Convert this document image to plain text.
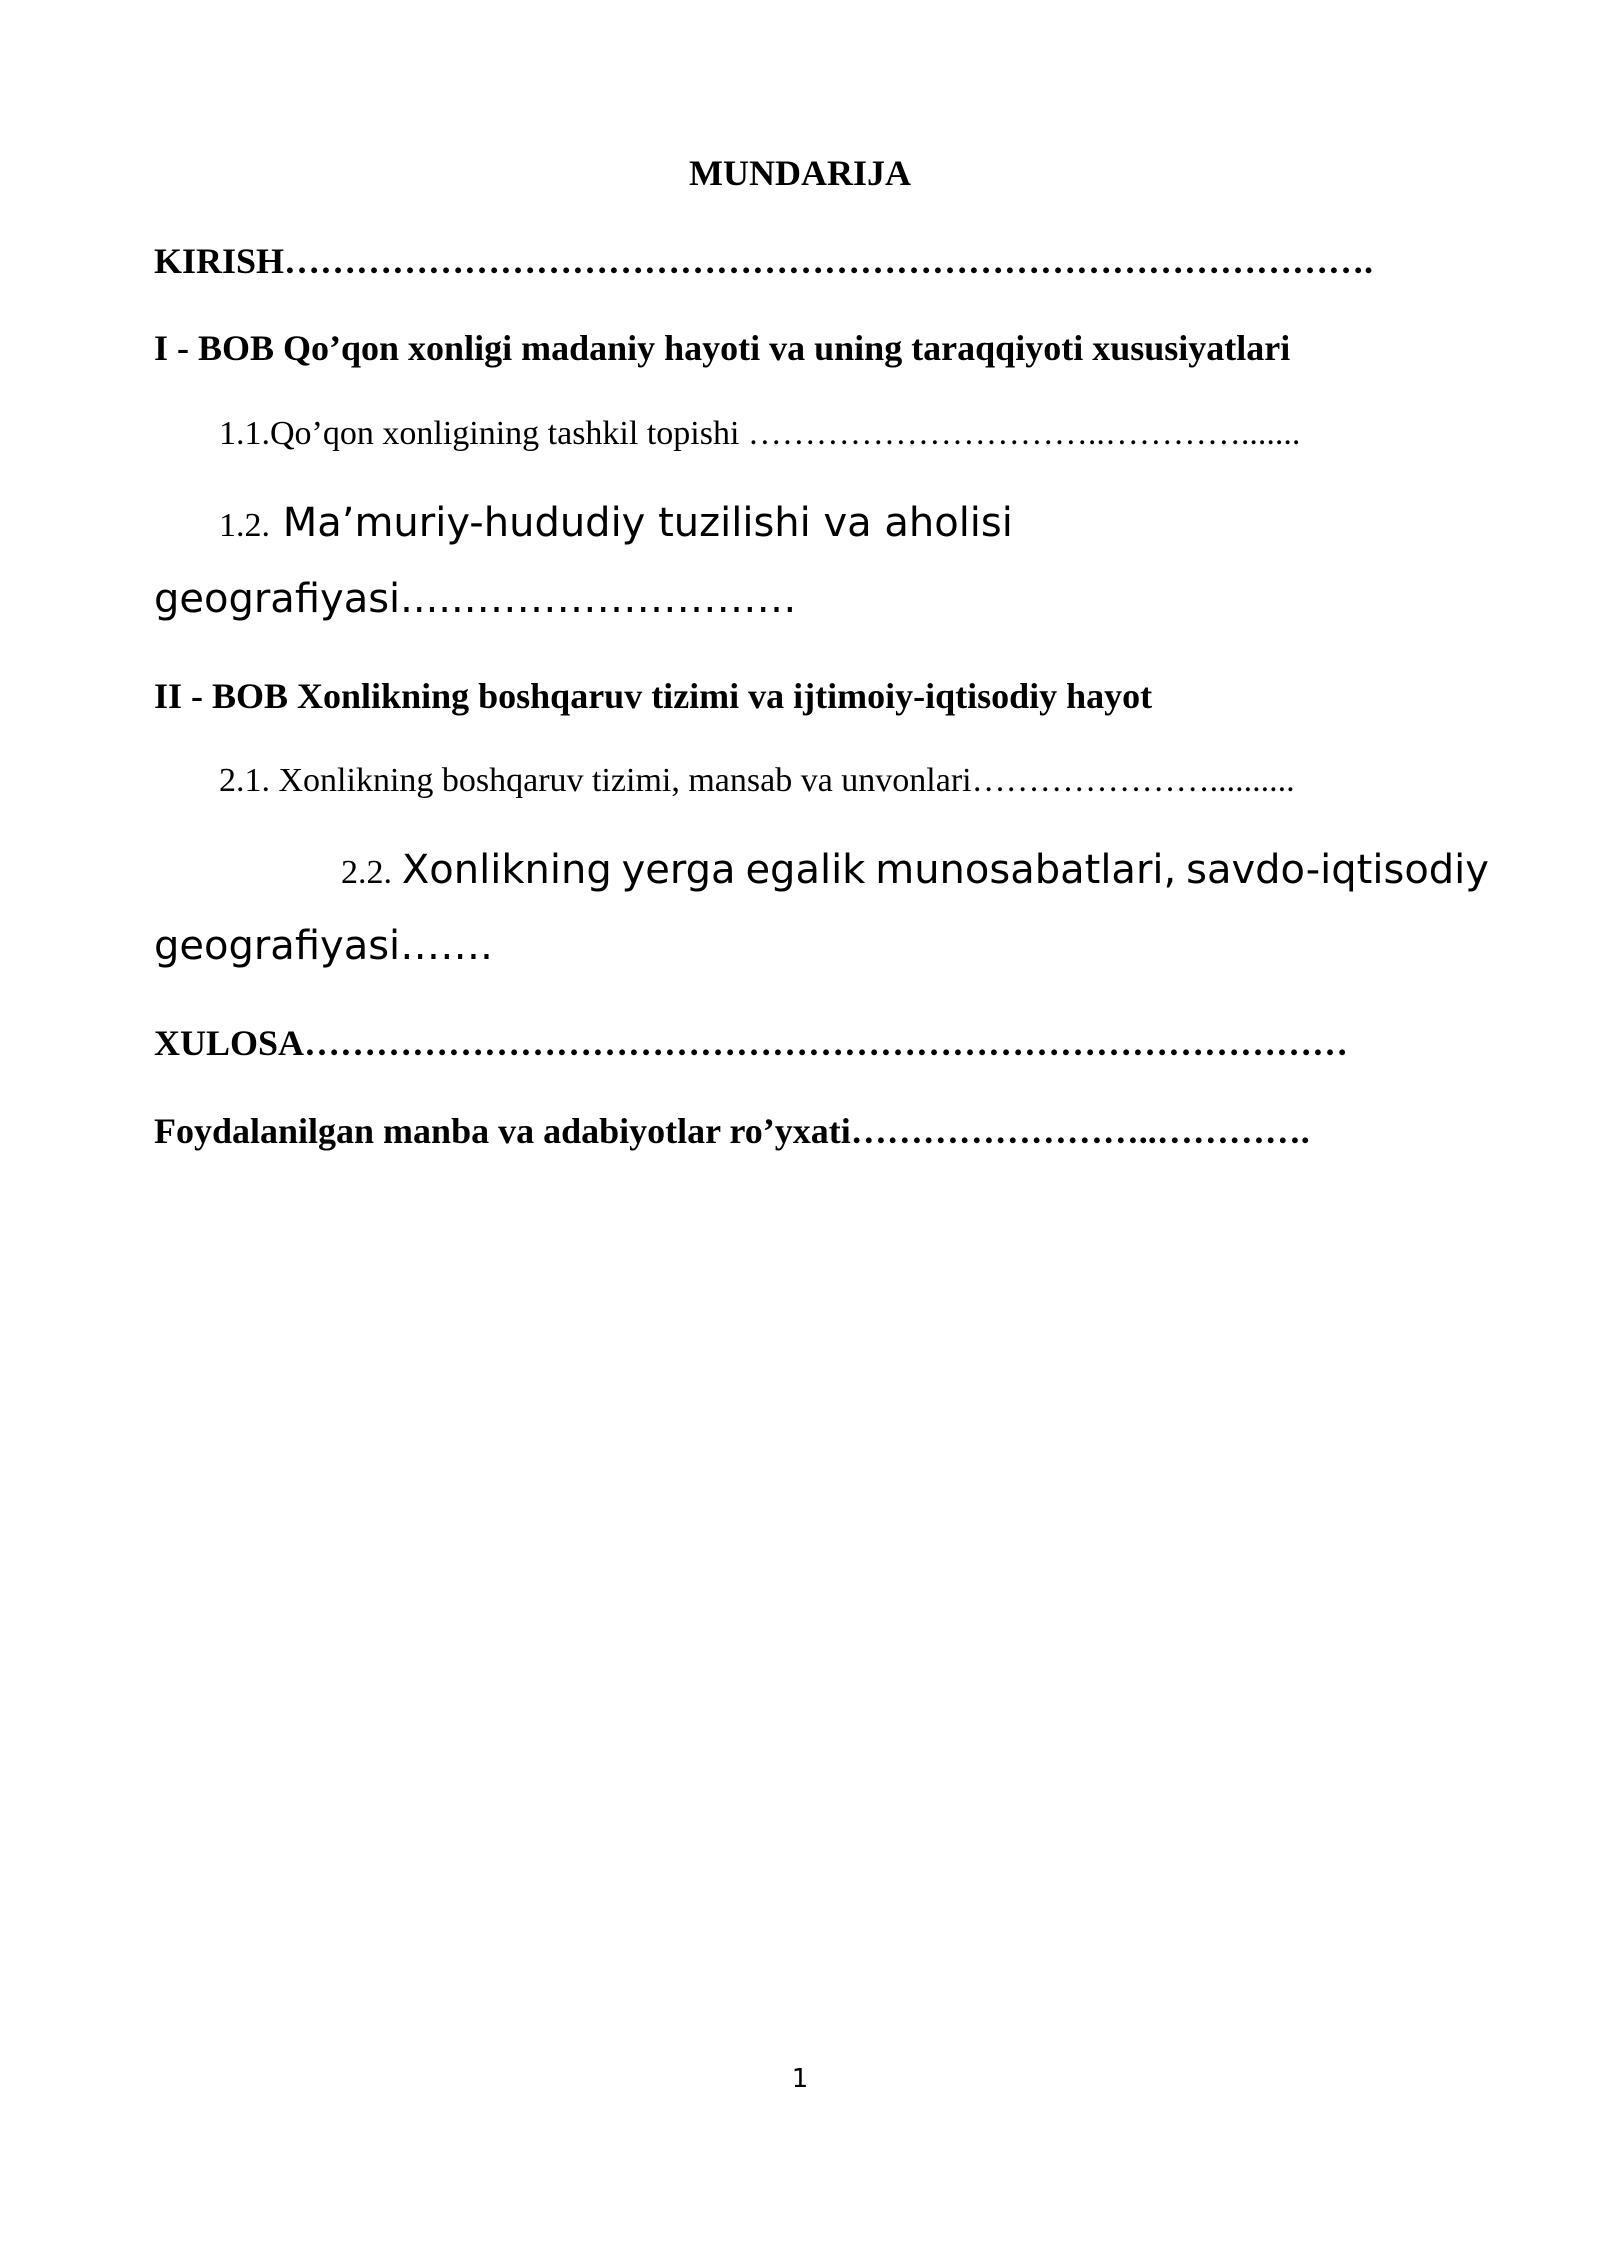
MUNDARIJA
KIRISH……………………………………………………………………………….
I - BOB Qo’qon xonligi madaniy hayoti va uning taraqqiyoti xususiyatlari
1.1.Qo’qon xonligining tashkil topishi …………………………..………….......
1.2. Ma’muriy-hududiy tuzilishi va aholisi
geografiyasi......……………………
II - BOB Xonlikning boshqaruv tizimi va ijtimoiy-iqtisodiy hayot
2.1. Xonlikning boshqaruv tizimi, mansab va unvonlari…………………..........
2.2. Xonlikning yerga egalik munosabatlari, savdo-iqtisodiy
geografiyasi…….
XULOSA……………………………………………………………………………
Foydalanilgan manba va adabiyotlar ro’yxati……………………..………….
1
